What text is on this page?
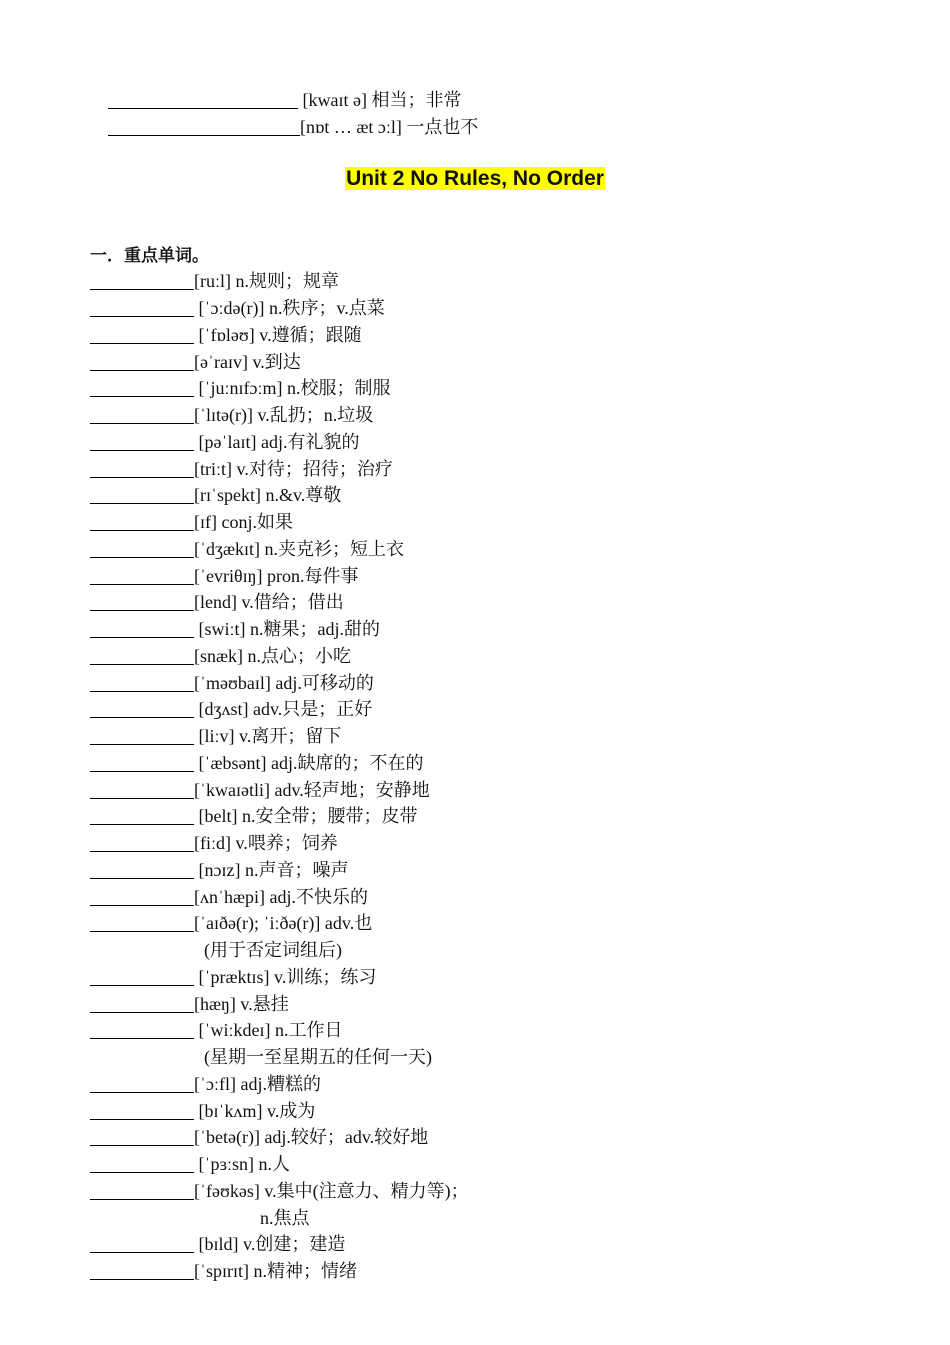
[kwaɪt ə] 相当；非常

[nɒt … æt ɔːl] 一点也不

Unit 2 No Rules, No Order
一．重点单词。
[ruːl] n.规则；规章
[ˈɔːdə(r)] n.秩序；v.点菜
[ˈfɒləʊ] v.遵循；跟随
[əˈraɪv] v.到达
[ˈjuːnɪfɔːm] n.校服；制服
[ˈlɪtə(r)] v.乱扔；n.垃圾
[pəˈlaɪt] adj.有礼貌的
[triːt] v.对待；招待；治疗
[rɪˈspekt] n.&v.尊敬
[ɪf] conj.如果
[ˈdʒækɪt] n.夹克衫；短上衣
[ˈevriθɪŋ] pron.每件事
[lend] v.借给；借出
[swiːt] n.糖果；adj.甜的
[snæk] n.点心；小吃
[ˈməʊbaɪl] adj.可移动的
[dʒʌst] adv.只是；正好
[liːv] v.离开；留下
[ˈæbsənt] adj.缺席的；不在的
[ˈkwaɪətli] adv.轻声地；安静地
[belt] n.安全带；腰带；皮带
[fiːd] v.喂养；饲养
[nɔɪz] n.声音；噪声
[ʌnˈhæpi] adj.不快乐的
[ˈaɪðə(r); ˈiːðə(r)] adv.也
(用于否定词组后)
[ˈpræktɪs] v.训练；练习
[hæŋ] v.悬挂
[ˈwiːkdeɪ] n.工作日
(星期一至星期五的任何一天)
[ˈɔːfl] adj.糟糕的
[bɪˈkʌm] v.成为
[ˈbetə(r)] adj.较好；adv.较好地
[ˈpɜːsn] n.人
[ˈfəʊkəs] v.集中(注意力、精力等)；
n.焦点
[bɪld] v.创建；建造
[ˈspɪrɪt] n.精神；情绪
